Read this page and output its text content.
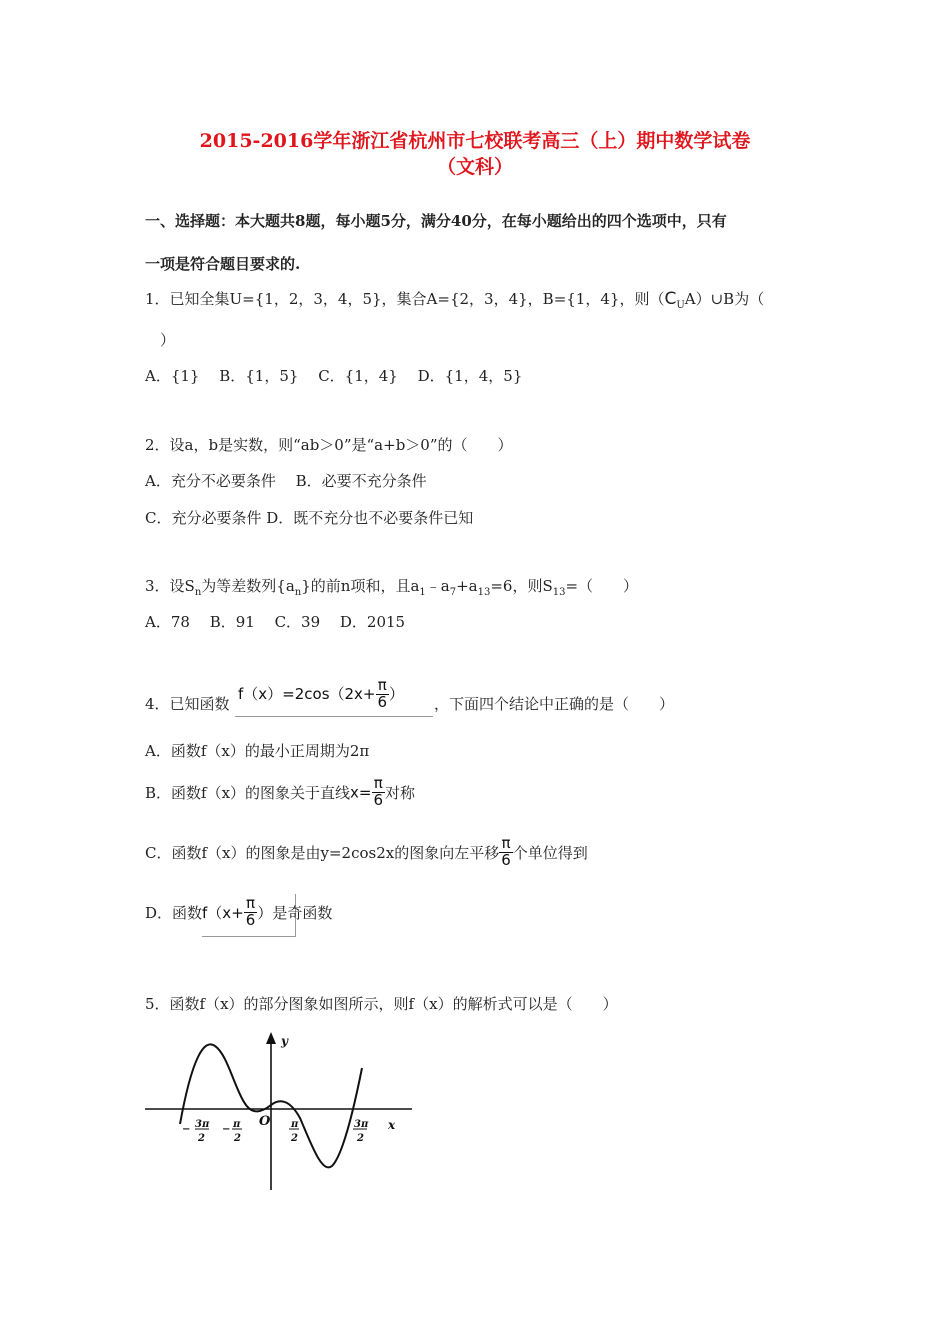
2015-2016学年浙江省杭州市七校联考高三（上）期中数学试卷
（文科）
一、选择题：本大题共8题，每小题5分，满分40分，在每小题给出的四个选项中，只有
一项是符合题目要求的.
1．已知全集U={1，2，3，4，5}，集合A={2，3，4}，B={1，4}，则$(C_UA)\cup B$为（
）
A．{1}　 B．{1，5}　 C．{1，4}　 D．{1，4，5}
2．设a，b是实数，则“ab＞0”是“a+b＞0”的（　　）
A．充分不必要条件　 B．必要不充分条件
C．充分必要条件 D．既不充分也不必要条件已知
3．设$S_n$为等差数列$\{a_n\}$的前n项和，且$a_1﹣a_7+a_{13}=6$，则$S_{13}=$（　　）
A．78　 B．91　 C．39　 D．2015
4．已知函数
$f(x)=2\cos(2x+ \frac{\pi}{6}$ ）
，下面四个结论中正确的是（　　）
A．函数f（x）的最小正周期为2π
B．函数f（x）的图象关于直线$x= \frac{\pi}{6}$ 对称
C．函数f（x）的图象是由y=2cos2x的图象向左平移 $\frac{\pi}{6}$ 个单位得到
D．函数$f(x+ \frac{\pi}{6}$ ）是奇函数
5．函数f（x）的部分图象如图所示，则f（x）的解析式可以是（　　）
− 3π
2
− π
2
O π
2
3π
2
x
y
